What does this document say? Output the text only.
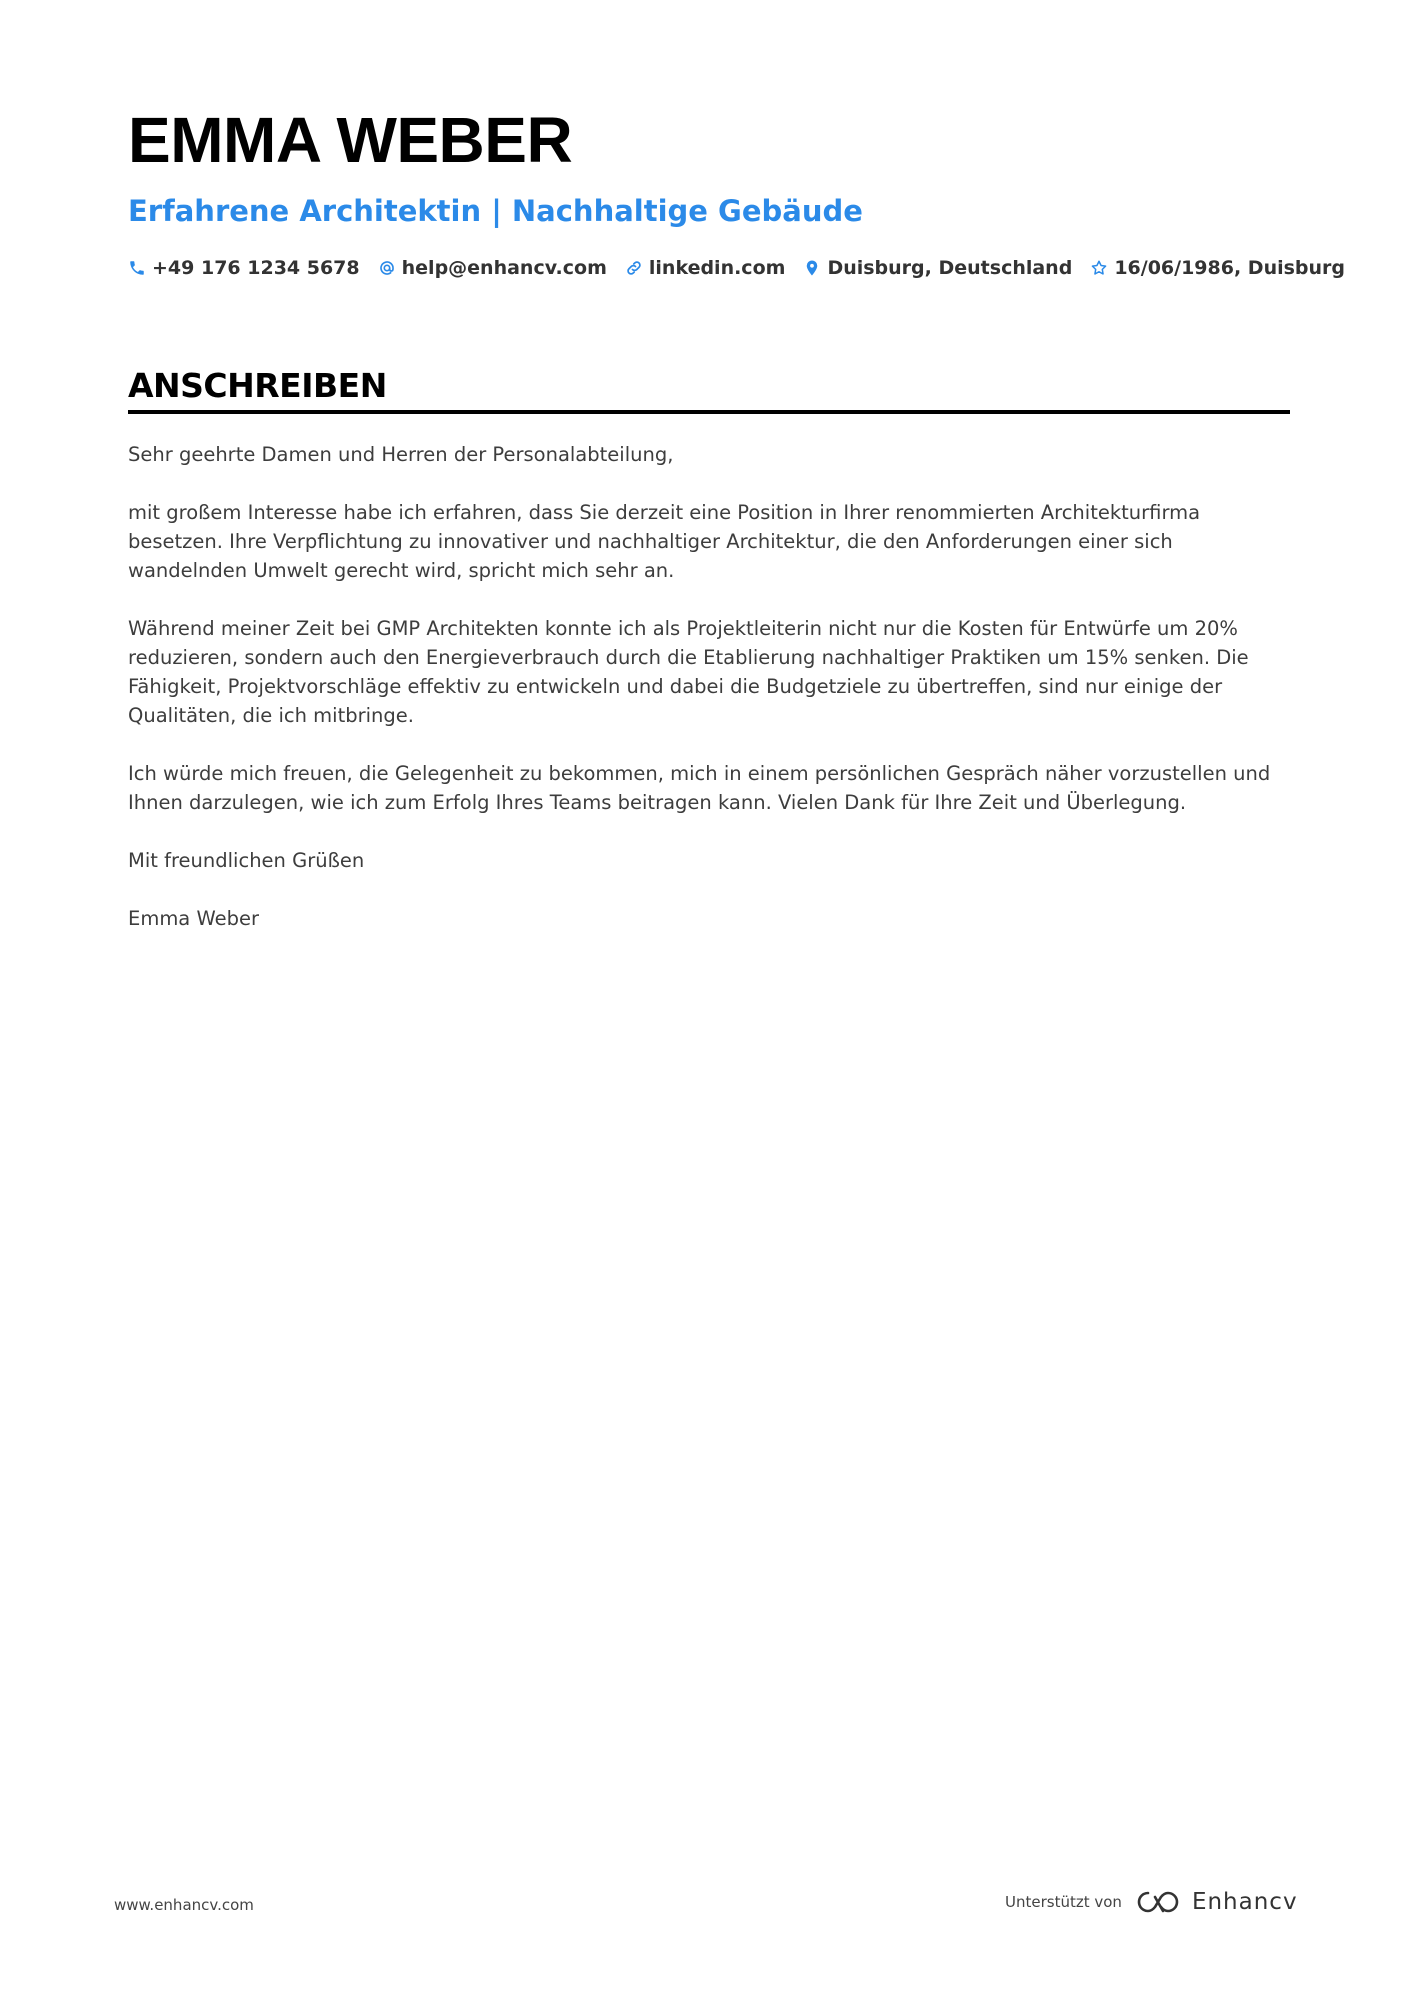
EMMA WEBER
Erfahrene Architektin | Nachhaltige Gebäude
+49 176 1234 5678 help@enhancv.com linkedin.com Duisburg, Deutschland 16/06/1986, Duisburg
ANSCHREIBEN

Sehr geehrte Damen und Herren der Personalabteilung,

mit großem Interesse habe ich erfahren, dass Sie derzeit eine Position in Ihrer renommierten Architekturfirma besetzen. Ihre Verpflichtung zu innovativer und nachhaltiger Architektur, die den Anforderungen einer sich wandelnden Umwelt gerecht wird, spricht mich sehr an.

Während meiner Zeit bei GMP Architekten konnte ich als Projektleiterin nicht nur die Kosten für Entwürfe um 20% reduzieren, sondern auch den Energieverbrauch durch die Etablierung nachhaltiger Praktiken um 15% senken. Die Fähigkeit, Projektvorschläge effektiv zu entwickeln und dabei die Budgetziele zu übertreffen, sind nur einige der Qualitäten, die ich mitbringe.

Ich würde mich freuen, die Gelegenheit zu bekommen, mich in einem persönlichen Gespräch näher vorzustellen und Ihnen darzulegen, wie ich zum Erfolg Ihres Teams beitragen kann. Vielen Dank für Ihre Zeit und Überlegung.

Mit freundlichen Grüßen

Emma Weber

www.enhancv.com	Unterstützt von	Enhancv
